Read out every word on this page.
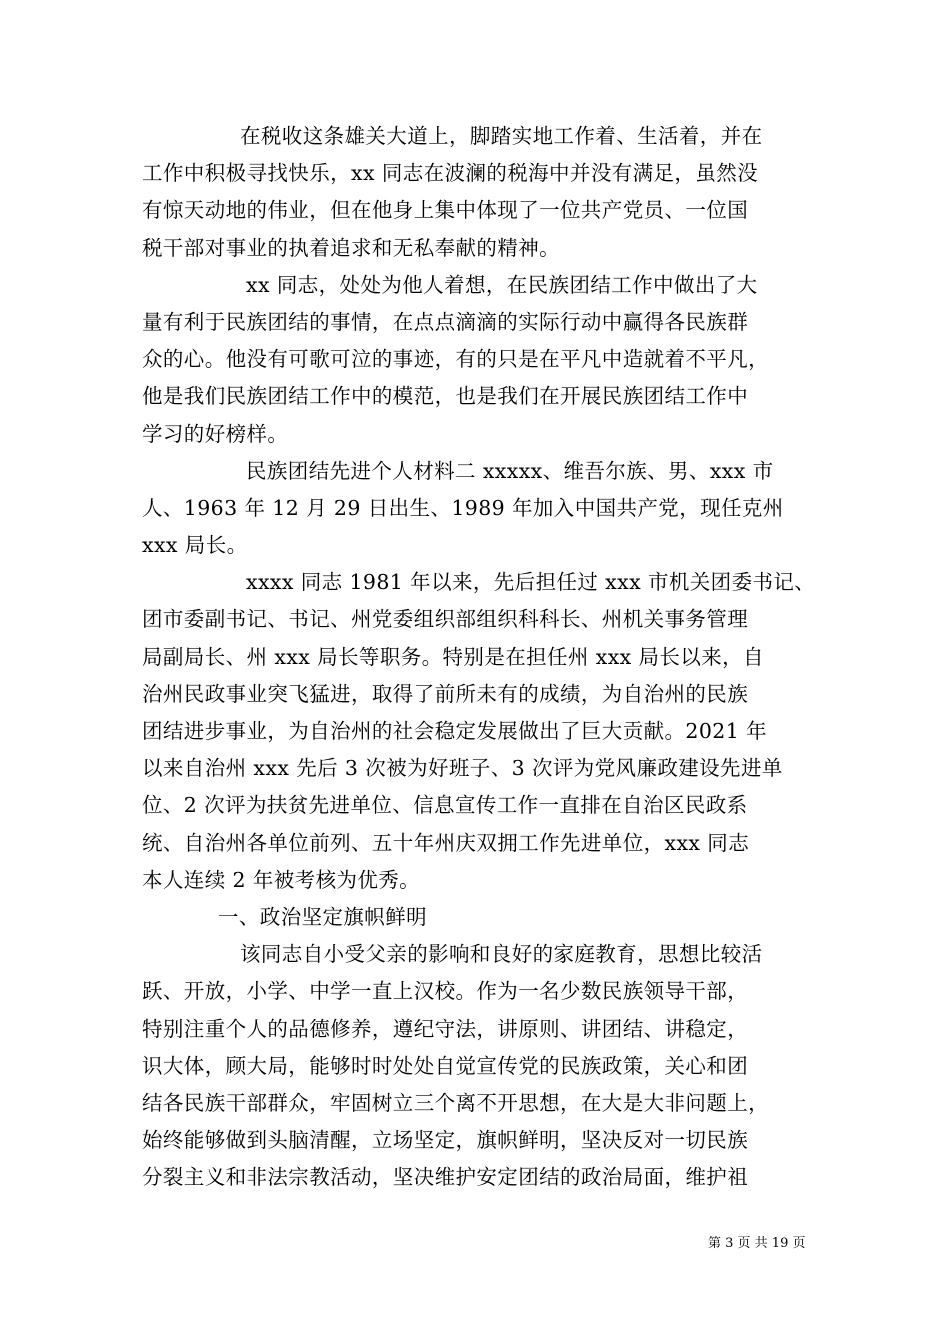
在税收这条雄关大道上，脚踏实地工作着、生活着，并在
工作中积极寻找快乐，xx 同志在波澜的税海中并没有满足，虽然没
有惊天动地的伟业，但在他身上集中体现了一位共产党员、一位国
税干部对事业的执着追求和无私奉献的精神。
xx 同志，处处为他人着想，在民族团结工作中做出了大
量有利于民族团结的事情，在点点滴滴的实际行动中赢得各民族群
众的心。他没有可歌可泣的事迹，有的只是在平凡中造就着不平凡，
他是我们民族团结工作中的模范，也是我们在开展民族团结工作中
学习的好榜样。
民族团结先进个人材料二 xxxxx、维吾尔族、男、xxx 市
人、1963 年 12 月 29 日出生、1989 年加入中国共产党，现任克州
xxx 局长。
xxxx 同志 1981 年以来，先后担任过 xxx 市机关团委书记、
团市委副书记、书记、州党委组织部组织科科长、州机关事务管理
局副局长、州 xxx 局长等职务。特别是在担任州 xxx 局长以来，自
治州民政事业突飞猛进，取得了前所未有的成绩，为自治州的民族
团结进步事业，为自治州的社会稳定发展做出了巨大贡献。2021 年
以来自治州 xxx 先后 3 次被为好班子、3 次评为党风廉政建设先进单
位、2 次评为扶贫先进单位、信息宣传工作一直排在自治区民政系
统、自治州各单位前列、五十年州庆双拥工作先进单位，xxx 同志
本人连续 2 年被考核为优秀。
一、政治坚定旗帜鲜明
该同志自小受父亲的影响和良好的家庭教育，思想比较活
跃、开放，小学、中学一直上汉校。作为一名少数民族领导干部，
特别注重个人的品德修养，遵纪守法，讲原则、讲团结、讲稳定，
识大体，顾大局，能够时时处处自觉宣传党的民族政策，关心和团
结各民族干部群众，牢固树立三个离不开思想，在大是大非问题上，
始终能够做到头脑清醒，立场坚定，旗帜鲜明，坚决反对一切民族
分裂主义和非法宗教活动，坚决维护安定团结的政治局面，维护祖
第 3 页 共 19 页
